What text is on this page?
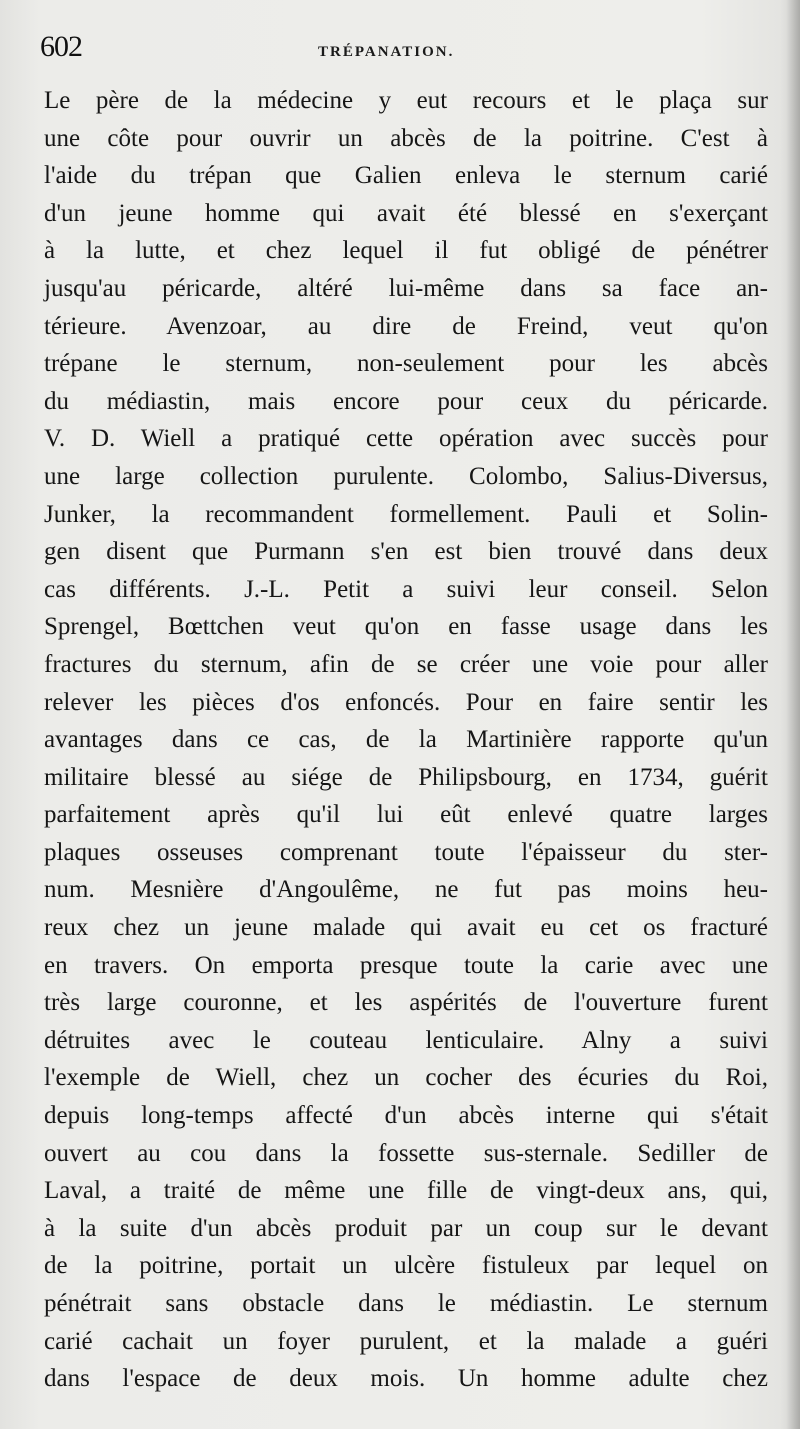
602	TRÉPANATION.
Le père de la médecine y eut recours et le plaça sur
une côte pour ouvrir un abcès de la poitrine. C'est à
l'aide du trépan que Galien enleva le sternum carié
d'un jeune homme qui avait été blessé en s'exerçant
à la lutte, et chez lequel il fut obligé de pénétrer
jusqu'au péricarde, altéré lui-même dans sa face an-
térieure. Avenzoar, au dire de Freind, veut qu'on
trépane le sternum, non-seulement pour les abcès
du médiastin, mais encore pour ceux du péricarde.
V. D. Wiell a pratiqué cette opération avec succès pour
une large collection purulente. Colombo, Salius-Diversus,
Junker, la recommandent formellement. Pauli et Solin-
gen disent que Purmann s'en est bien trouvé dans deux
cas différents. J.-L. Petit a suivi leur conseil. Selon
Sprengel, Bœttchen veut qu'on en fasse usage dans les
fractures du sternum, afin de se créer une voie pour aller
relever les pièces d'os enfoncés. Pour en faire sentir les
avantages dans ce cas, de la Martinière rapporte qu'un
militaire blessé au siége de Philipsbourg, en 1734, guérit
parfaitement après qu'il lui eût enlevé quatre larges
plaques osseuses comprenant toute l'épaisseur du ster-
num. Mesnière d'Angoulême, ne fut pas moins heu-
reux chez un jeune malade qui avait eu cet os fracturé
en travers. On emporta presque toute la carie avec une
très large couronne, et les aspérités de l'ouverture furent
détruites avec le couteau lenticulaire. Alny a suivi
l'exemple de Wiell, chez un cocher des écuries du Roi,
depuis long-temps affecté d'un abcès interne qui s'était
ouvert au cou dans la fossette sus-sternale. Sediller de
Laval, a traité de même une fille de vingt-deux ans, qui,
à la suite d'un abcès produit par un coup sur le devant
de la poitrine, portait un ulcère fistuleux par lequel on
pénétrait sans obstacle dans le médiastin. Le sternum
carié cachait un foyer purulent, et la malade a guéri
dans l'espace de deux mois. Un homme adulte chez
